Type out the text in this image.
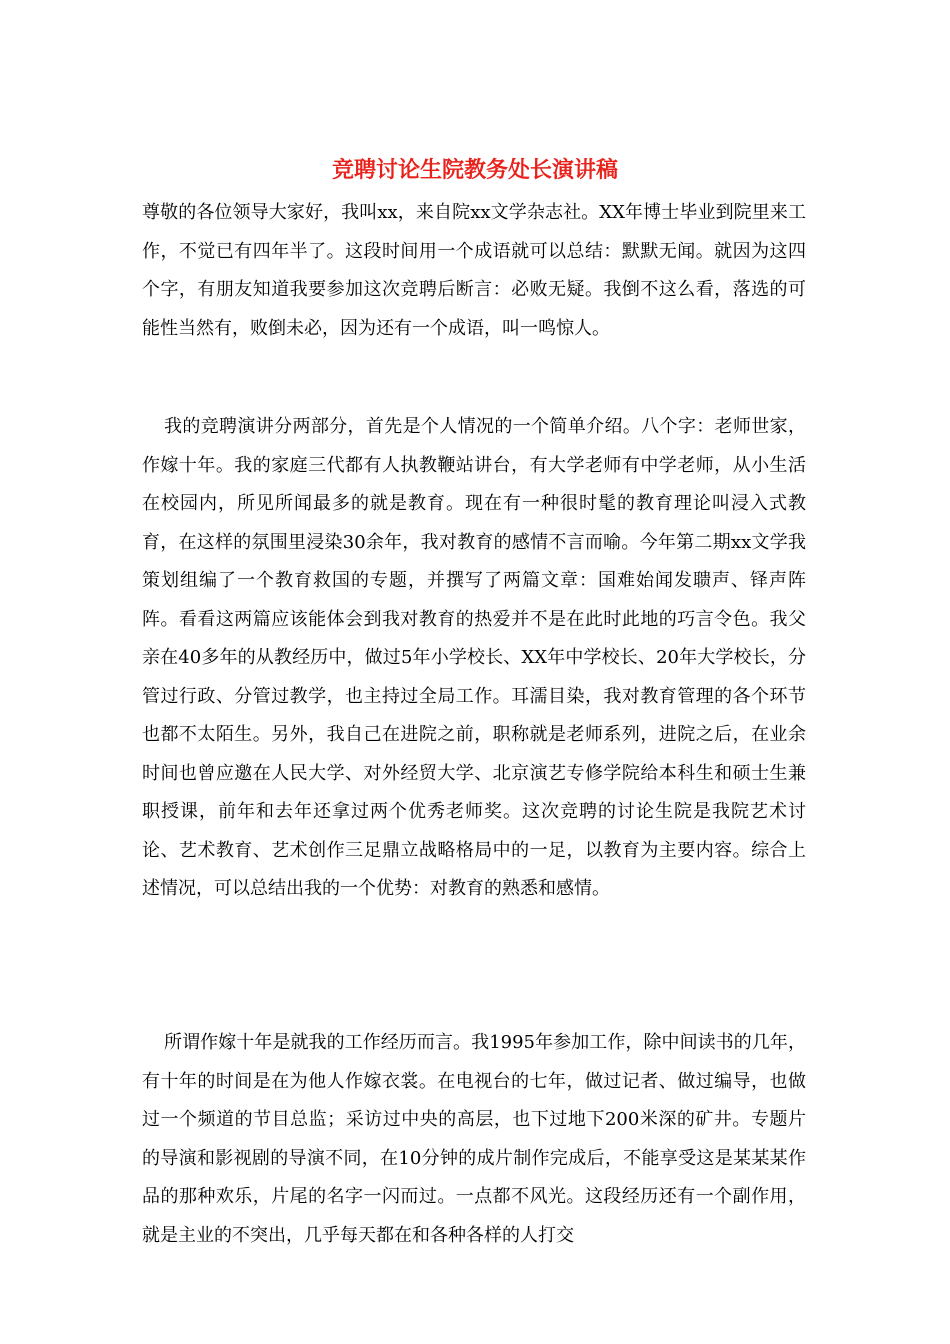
竞聘讨论生院教务处长演讲稿

尊敬的各位领导大家好，我叫xx，来自院xx文学杂志社。XX年博士毕业到院里来工作，不觉已有四年半了。这段时间用一个成语就可以总结：默默无闻。就因为这四个字，有朋友知道我要参加这次竞聘后断言：必败无疑。我倒不这么看，落选的可能性当然有，败倒未必，因为还有一个成语，叫一鸣惊人。

我的竞聘演讲分两部分，首先是个人情况的一个简单介绍。八个字：老师世家，作嫁十年。我的家庭三代都有人执教鞭站讲台，有大学老师有中学老师，从小生活在校园内，所见所闻最多的就是教育。现在有一种很时髦的教育理论叫浸入式教育，在这样的氛围里浸染30余年，我对教育的感情不言而喻。今年第二期xx文学我策划组编了一个教育救国的专题，并撰写了两篇文章：国难始闻发聩声、铎声阵阵。看看这两篇应该能体会到我对教育的热爱并不是在此时此地的巧言令色。我父亲在40多年的从教经历中，做过5年小学校长、XX年中学校长、20年大学校长，分管过行政、分管过教学，也主持过全局工作。耳濡目染，我对教育管理的各个环节也都不太陌生。另外，我自己在进院之前，职称就是老师系列，进院之后，在业余时间也曾应邀在人民大学、对外经贸大学、北京演艺专修学院给本科生和硕士生兼职授课，前年和去年还拿过两个优秀老师奖。这次竞聘的讨论生院是我院艺术讨论、艺术教育、艺术创作三足鼎立战略格局中的一足，以教育为主要内容。综合上述情况，可以总结出我的一个优势：对教育的熟悉和感情。

所谓作嫁十年是就我的工作经历而言。我1995年参加工作，除中间读书的几年，有十年的时间是在为他人作嫁衣裳。在电视台的七年，做过记者、做过编导，也做过一个频道的节目总监；采访过中央的高层，也下过地下200米深的矿井。专题片的导演和影视剧的导演不同，在10分钟的成片制作完成后，不能享受这是某某某作品的那种欢乐，片尾的名字一闪而过。一点都不风光。这段经历还有一个副作用，就是主业的不突出，几乎每天都在和各种各样的人打交
